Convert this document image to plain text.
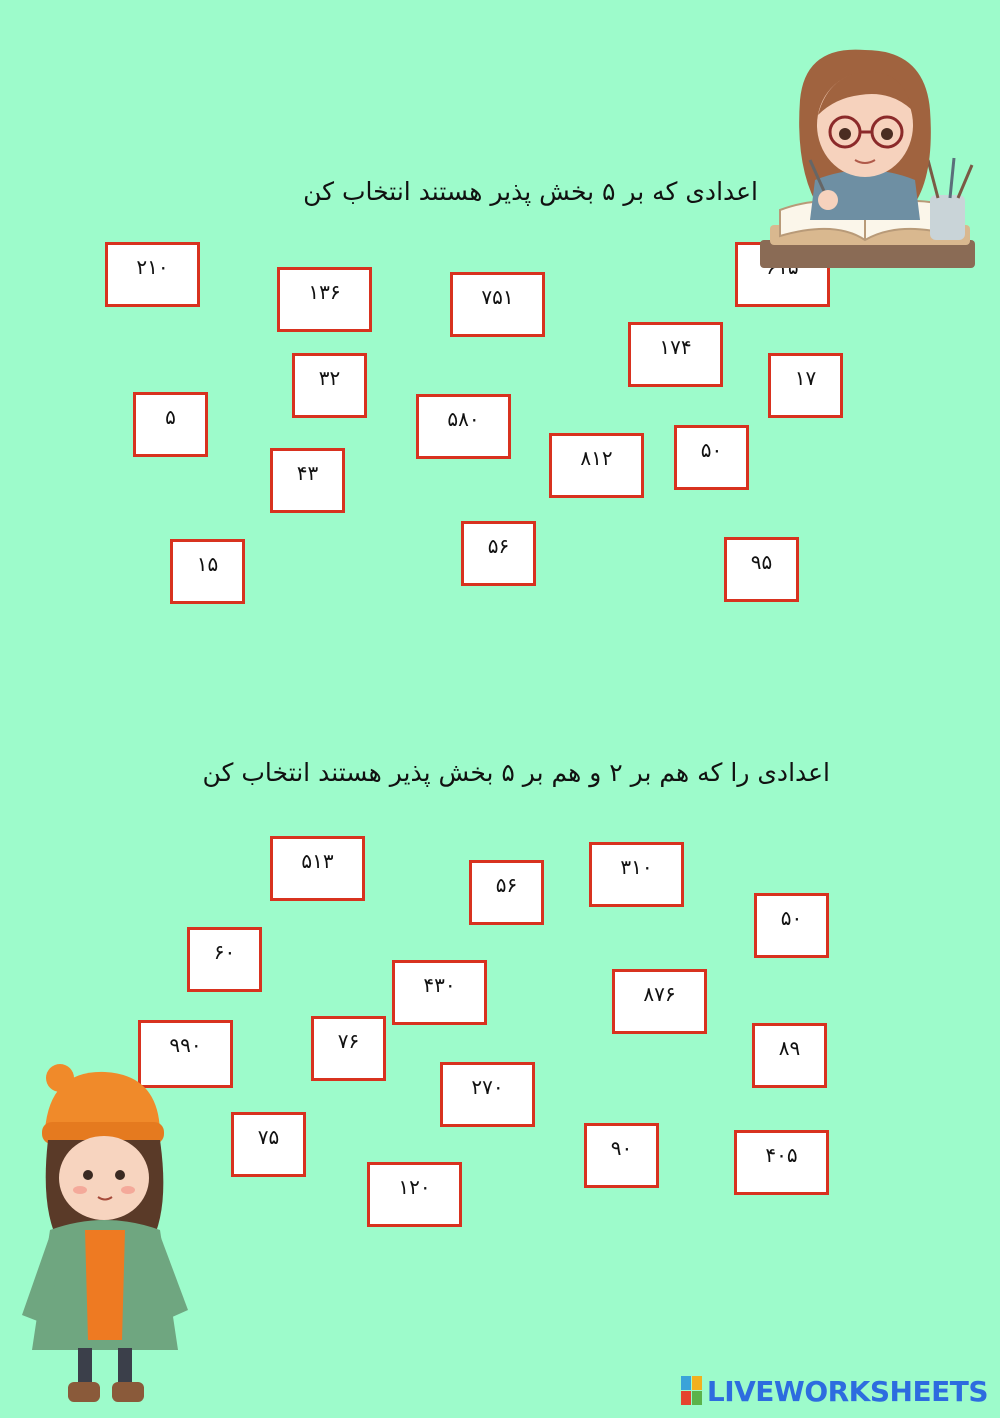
اعدادی که بر ۵ بخش پذیر هستند انتخاب کن
اعدادی را که هم بر ۲ و هم بر ۵ بخش پذیر هستند انتخاب کن
۲۱۰
۱۳۶	۷۵۱
۱۷۴
۳۲	۱۷
۵	۵۸۰
۸۱۲	۵۰
۴۳
۵۶
۱۵	۹۵
۵۱۳
۵۶
۳۱۰
۵۰
۶۰
۴۳۰	۸۷۶
۹۹۰	۷۶	۸۹
۲۷۰
۷۵	۹۰	۴۰۵
۱۲۰
LIVEWORKSHEETS
